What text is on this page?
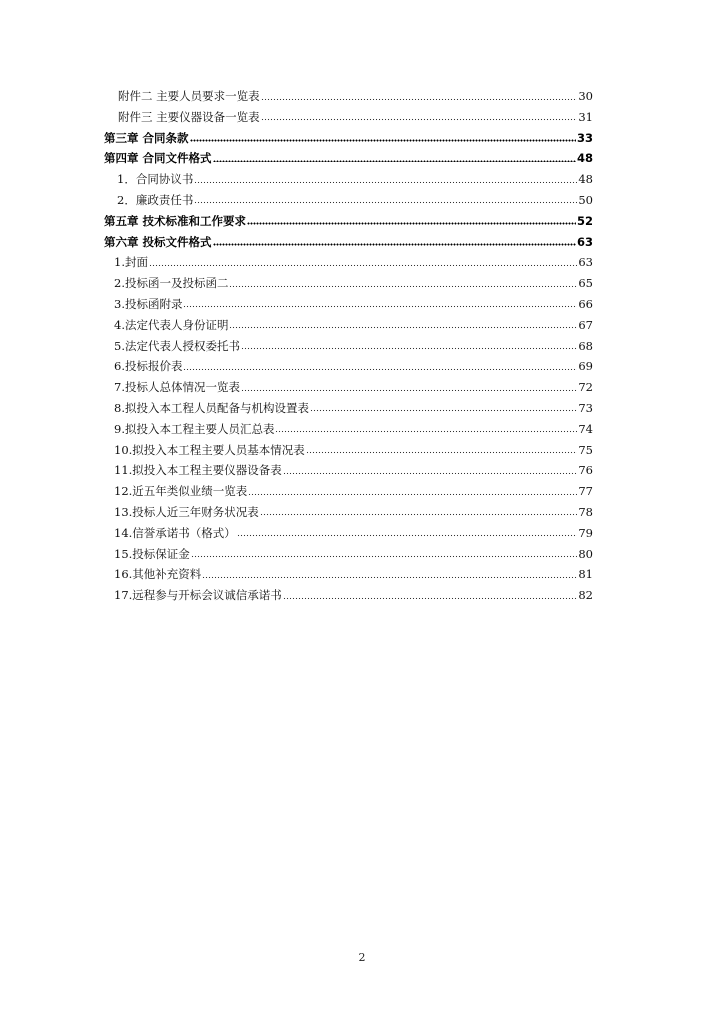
附件二 主要人员要求一览表	30
附件三 主要仪器设备一览表	31
第三章 合同条款	33
第四章 合同文件格式	48
1．合同协议书	48
2．廉政责任书	50
第五章 技术标准和工作要求	52
第六章 投标文件格式	63
1.封面	63
2.投标函一及投标函二	65
3.投标函附录	66
4.法定代表人身份证明	67
5.法定代表人授权委托书	68
6.投标报价表	69
7.投标人总体情况一览表	72
8.拟投入本工程人员配备与机构设置表	73
9.拟投入本工程主要人员汇总表	74
10.拟投入本工程主要人员基本情况表	75
11.拟投入本工程主要仪器设备表	76
12.近五年类似业绩一览表	77
13.投标人近三年财务状况表	78
14.信誉承诺书（格式）	79
15.投标保证金	80
16.其他补充资料	81
17.远程参与开标会议诚信承诺书	82
2
